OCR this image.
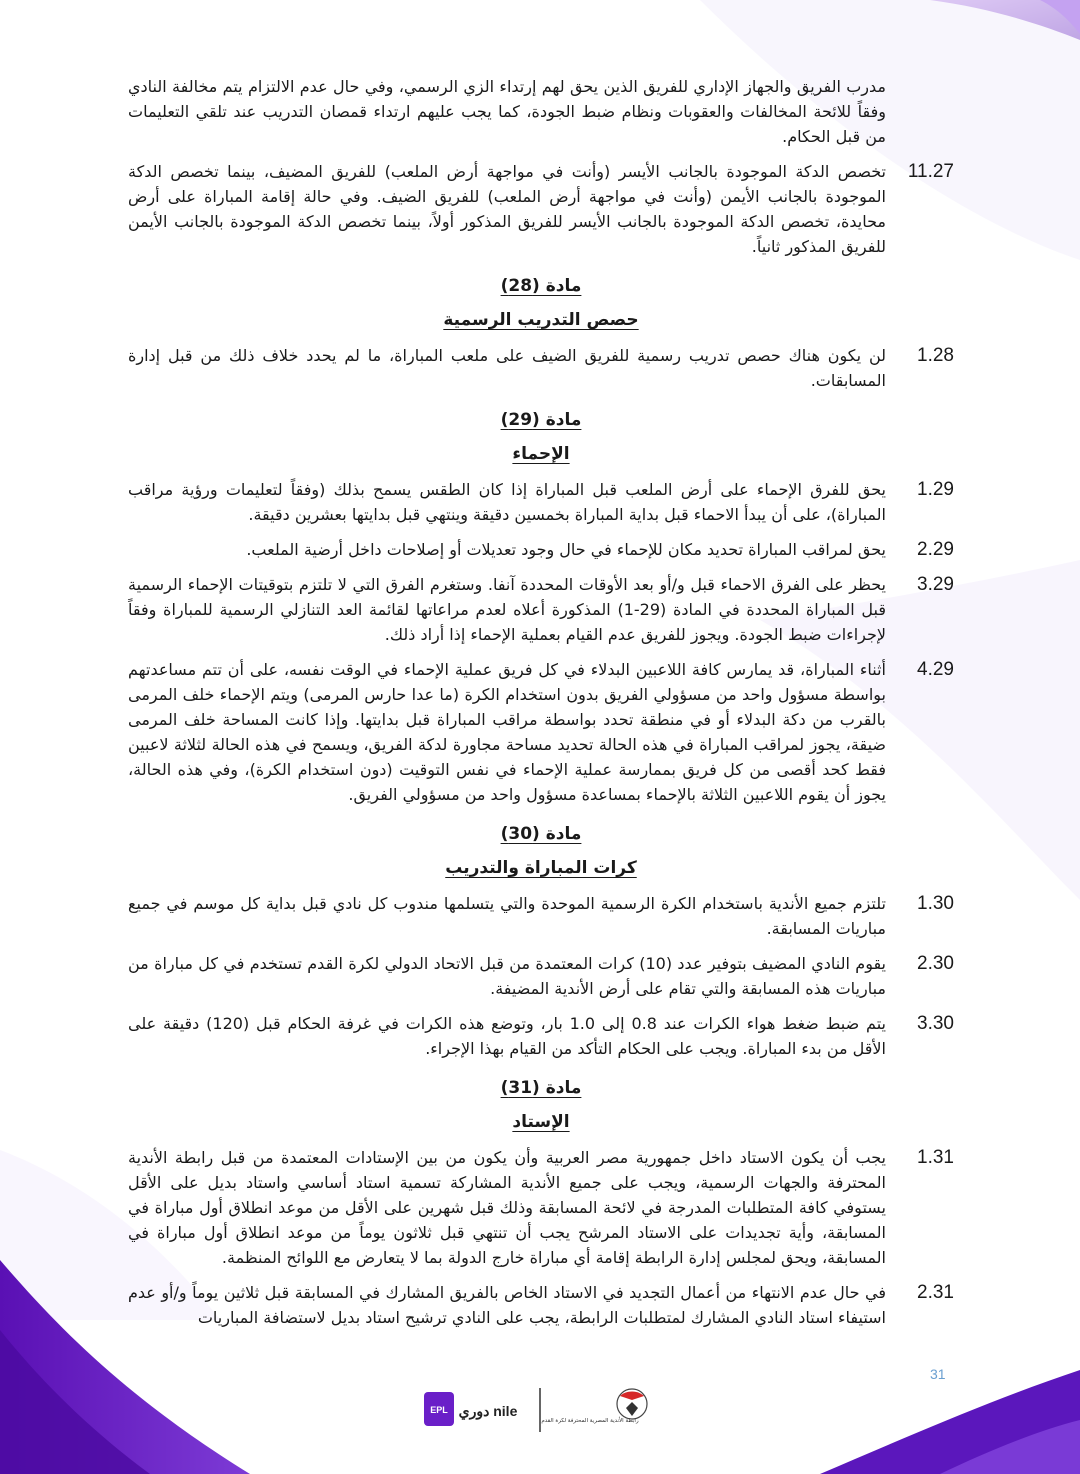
مدرب الفريق والجهاز الإداري للفريق الذين يحق لهم إرتداء الزي الرسمي، وفي حال عدم الالتزام يتم مخالفة النادي وفقاً للائحة المخالفات والعقوبات ونظام ضبط الجودة، كما يجب عليهم ارتداء قمصان التدريب عند تلقي التعليمات من قبل الحكام.
11.27
تخصص الدكة الموجودة بالجانب الأيسر (وأنت في مواجهة أرض الملعب) للفريق المضيف، بينما تخصص الدكة الموجودة بالجانب الأيمن (وأنت في مواجهة أرض الملعب) للفريق الضيف. وفي حالة إقامة المباراة على أرض محايدة، تخصص الدكة الموجودة بالجانب الأيسر للفريق المذكور أولاً، بينما تخصص الدكة الموجودة بالجانب الأيمن للفريق المذكور ثانياً.
مادة (28)
حصص التدريب الرسمية
1.28
لن يكون هناك حصص تدريب رسمية للفريق الضيف على ملعب المباراة، ما لم يحدد خلاف ذلك من قبل إدارة المسابقات.
مادة (29)
الإحماء
1.29
يحق للفرق الإحماء على أرض الملعب قبل المباراة إذا كان الطقس يسمح بذلك (وفقاً لتعليمات ورؤية مراقب المباراة)، على أن يبدأ الاحماء قبل بداية المباراة بخمسين دقيقة وينتهي قبل بدايتها بعشرين دقيقة.
2.29
يحق لمراقب المباراة تحديد مكان للإحماء في حال وجود تعديلات أو إصلاحات داخل أرضية الملعب.
3.29
يحظر على الفرق الاحماء قبل و/أو بعد الأوقات المحددة آنفا. وستغرم الفرق التي لا تلتزم بتوقيتات الإحماء الرسمية قبل المباراة المحددة في المادة (29-1) المذكورة أعلاه لعدم مراعاتها لقائمة العد التنازلي الرسمية للمباراة وفقاً لإجراءات ضبط الجودة. ويجوز للفريق عدم القيام بعملية الإحماء إذا أراد ذلك.
4.29
أثناء المباراة، قد يمارس كافة اللاعبين البدلاء في كل فريق عملية الإحماء في الوقت نفسه، على أن تتم مساعدتهم بواسطة مسؤول واحد من مسؤولي الفريق بدون استخدام الكرة (ما عدا حارس المرمى) ويتم الإحماء خلف المرمى بالقرب من دكة البدلاء أو في منطقة تحدد بواسطة مراقب المباراة قبل بدايتها. وإذا كانت المساحة خلف المرمى ضيقة، يجوز لمراقب المباراة في هذه الحالة تحديد مساحة مجاورة لدكة الفريق، ويسمح في هذه الحالة لثلاثة لاعبين فقط كحد أقصى من كل فريق بممارسة عملية الإحماء في نفس التوقيت (دون استخدام الكرة)، وفي هذه الحالة، يجوز أن يقوم اللاعبين الثلاثة بالإحماء بمساعدة مسؤول واحد من مسؤولي الفريق.
مادة (30)
كرات المباراة والتدريب
1.30
تلتزم جميع الأندية باستخدام الكرة الرسمية الموحدة والتي يتسلمها مندوب كل نادي قبل بداية كل موسم في جميع مباريات المسابقة.
2.30
يقوم النادي المضيف بتوفير عدد (10) كرات المعتمدة من قبل الاتحاد الدولي لكرة القدم تستخدم في كل مباراة من مباريات هذه المسابقة والتي تقام على أرض الأندية المضيفة.
3.30
يتم ضبط ضغط هواء الكرات عند 0.8 إلى 1.0 بار، وتوضع هذه الكرات في غرفة الحكام قبل (120) دقيقة على الأقل من بدء المباراة. ويجب على الحكام التأكد من القيام بهذا الإجراء.
مادة (31)
الإستاد
1.31
يجب أن يكون الاستاد داخل جمهورية مصر العربية وأن يكون من بين الإستادات المعتمدة من قبل رابطة الأندية المحترفة والجهات الرسمية، ويجب على جميع الأندية المشاركة تسمية استاد أساسي واستاد بديل على الأقل يستوفي كافة المتطلبات المدرجة في لائحة المسابقة وذلك قبل شهرين على الأقل من موعد انطلاق أول مباراة في المسابقة، وأية تجديدات على الاستاد المرشح يجب أن تنتهي قبل ثلاثون يوماً من موعد انطلاق أول مباراة في المسابقة، ويحق لمجلس إدارة الرابطة إقامة أي مباراة خارج الدولة بما لا يتعارض مع اللوائح المنظمة.
2.31
في حال عدم الانتهاء من أعمال التجديد في الاستاد الخاص بالفريق المشارك في المسابقة قبل ثلاثين يوماً و/أو عدم استيفاء استاد النادي المشارك لمتطلبات الرابطة، يجب على النادي ترشيح استاد بديل لاستضافة المباريات
31
EPL دوري nile
رابطة الأندية المصرية المحترفة لكرة القدم
